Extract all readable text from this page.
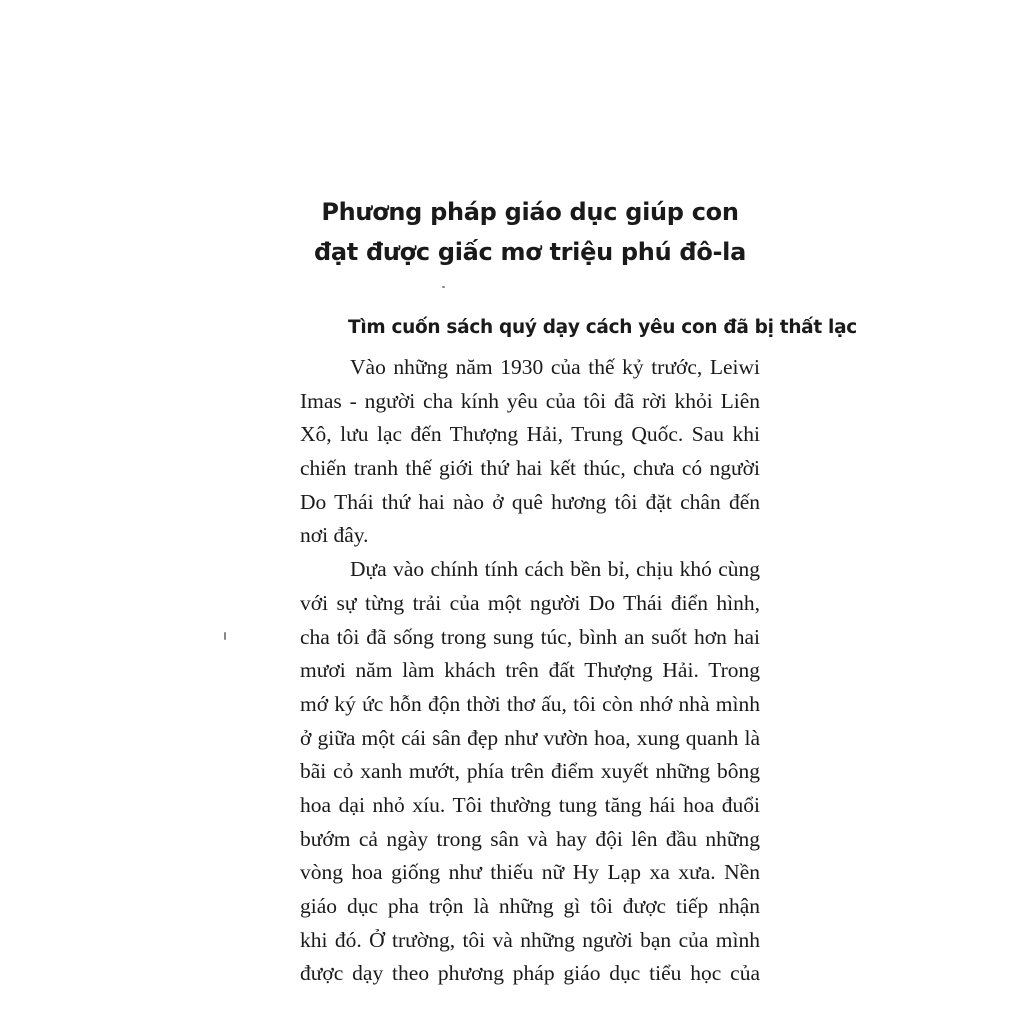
Phương pháp giáo dục giúp con
đạt được giấc mơ triệu phú đô-la
Tìm cuốn sách quý dạy cách yêu con đã bị thất lạc
Vào những năm 1930 của thế kỷ trước, Leiwi
Imas - người cha kính yêu của tôi đã rời khỏi Liên
Xô, lưu lạc đến Thượng Hải, Trung Quốc. Sau khi
chiến tranh thế giới thứ hai kết thúc, chưa có người
Do Thái thứ hai nào ở quê hương tôi đặt chân đến
nơi đây.
Dựa vào chính tính cách bền bỉ, chịu khó cùng
với sự từng trải của một người Do Thái điển hình,
cha tôi đã sống trong sung túc, bình an suốt hơn hai
mươi năm làm khách trên đất Thượng Hải. Trong
mớ ký ức hỗn độn thời thơ ấu, tôi còn nhớ nhà mình
ở giữa một cái sân đẹp như vườn hoa, xung quanh là
bãi cỏ xanh mướt, phía trên điểm xuyết những bông
hoa dại nhỏ xíu. Tôi thường tung tăng hái hoa đuổi
bướm cả ngày trong sân và hay đội lên đầu những
vòng hoa giống như thiếu nữ Hy Lạp xa xưa. Nền
giáo dục pha trộn là những gì tôi được tiếp nhận
khi đó. Ở trường, tôi và những người bạn của mình
được dạy theo phương pháp giáo dục tiểu học của
